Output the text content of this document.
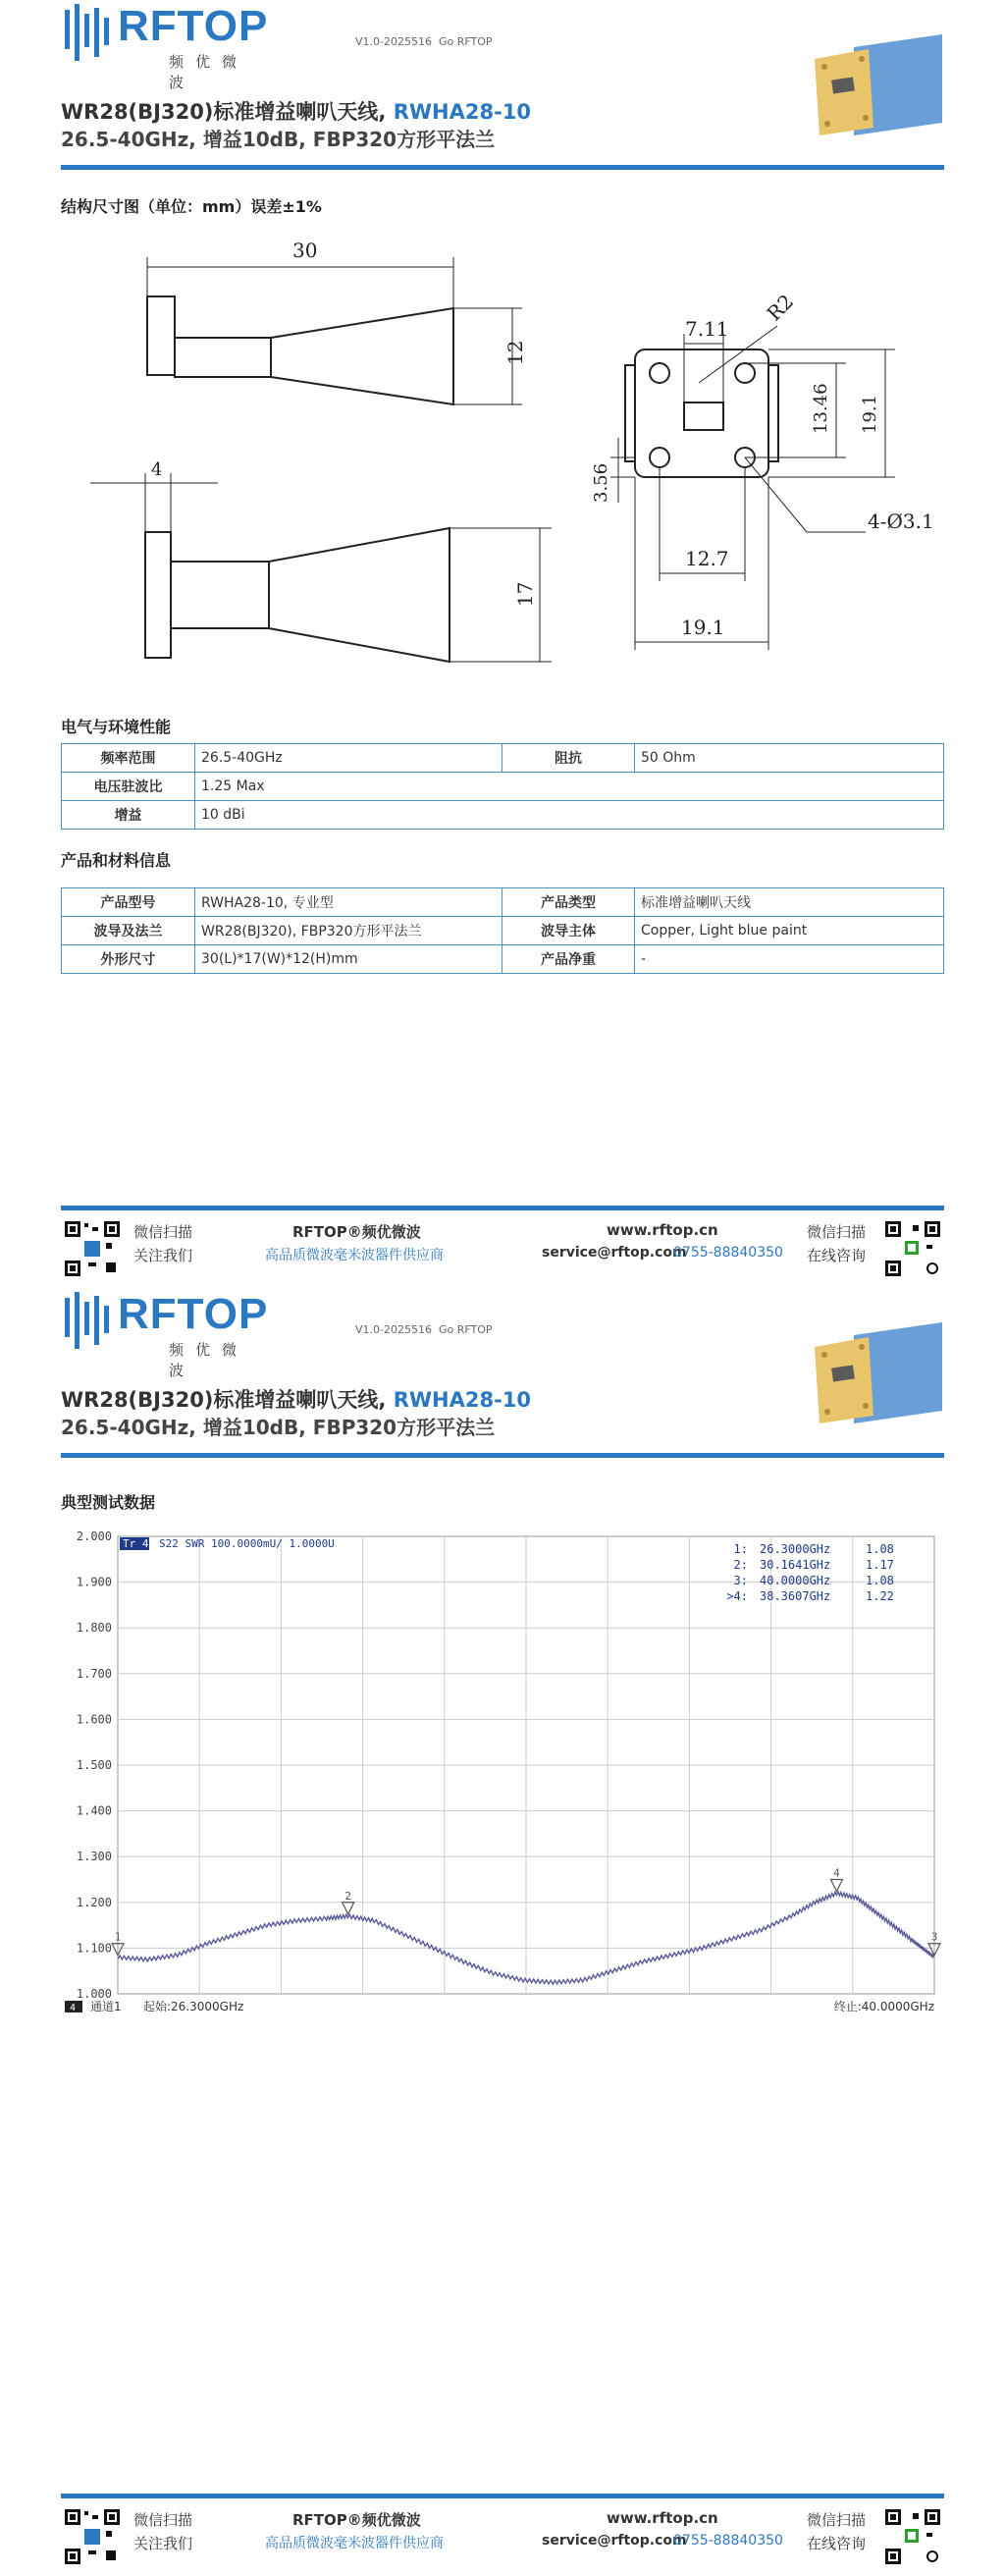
RFTOP
频优微波
V1.0-2025516 Go RFTOP
WR28(BJ320)标准增益喇叭天线, RWHA28-10
26.5-40GHz, 增益10dB, FBP320方形平法兰
结构尺寸图（单位：mm）误差±1%
30
12
4
17
7.11
R2
13.46 19.1
3.56
12.7
19.1
4-Ø3.1
电气与环境性能
频率范围	26.5-40GHz	阻抗	50 Ohm
电压驻波比	1.25 Max		
增益	10 dBi		
产品和材料信息
产品型号	RWHA28-10, 专业型	产品类型	标准增益喇叭天线
波导及法兰	WR28(BJ320), FBP320方形平法兰	波导主体	Copper, Light blue paint
外形尺寸	30(L)*17(W)*12(H)mm	产品净重	-
微信扫描
关注我们
RFTOP®频优微波
高品质微波毫米波器件供应商
www.rftop.cn
service@rftop.com
0755-88840350
微信扫描
在线咨询
RFTOP
频优微波
V1.0-2025516 Go RFTOP
WR28(BJ320)标准增益喇叭天线, RWHA28-10
26.5-40GHz, 增益10dB, FBP320方形平法兰
典型测试数据
2.000
1.900
1.800
1.700
1.600
1.500
1.400
1.300
1.200
1.100
1.000
Tr 4 S22 SWR 100.0000mU/ 1.0000U	1: 26.3000GHz	1.08
2: 30.1641GHz	1.17
3: 40.0000GHz	1.08
>4: 38.3607GHz	1.22
1
2
3
4
4 通道1 起始:26.3000GHz	终止:40.0000GHz
微信扫描
关注我们
RFTOP®频优微波
高品质微波毫米波器件供应商
www.rftop.cn
service@rftop.com
0755-88840350
微信扫描
在线咨询
